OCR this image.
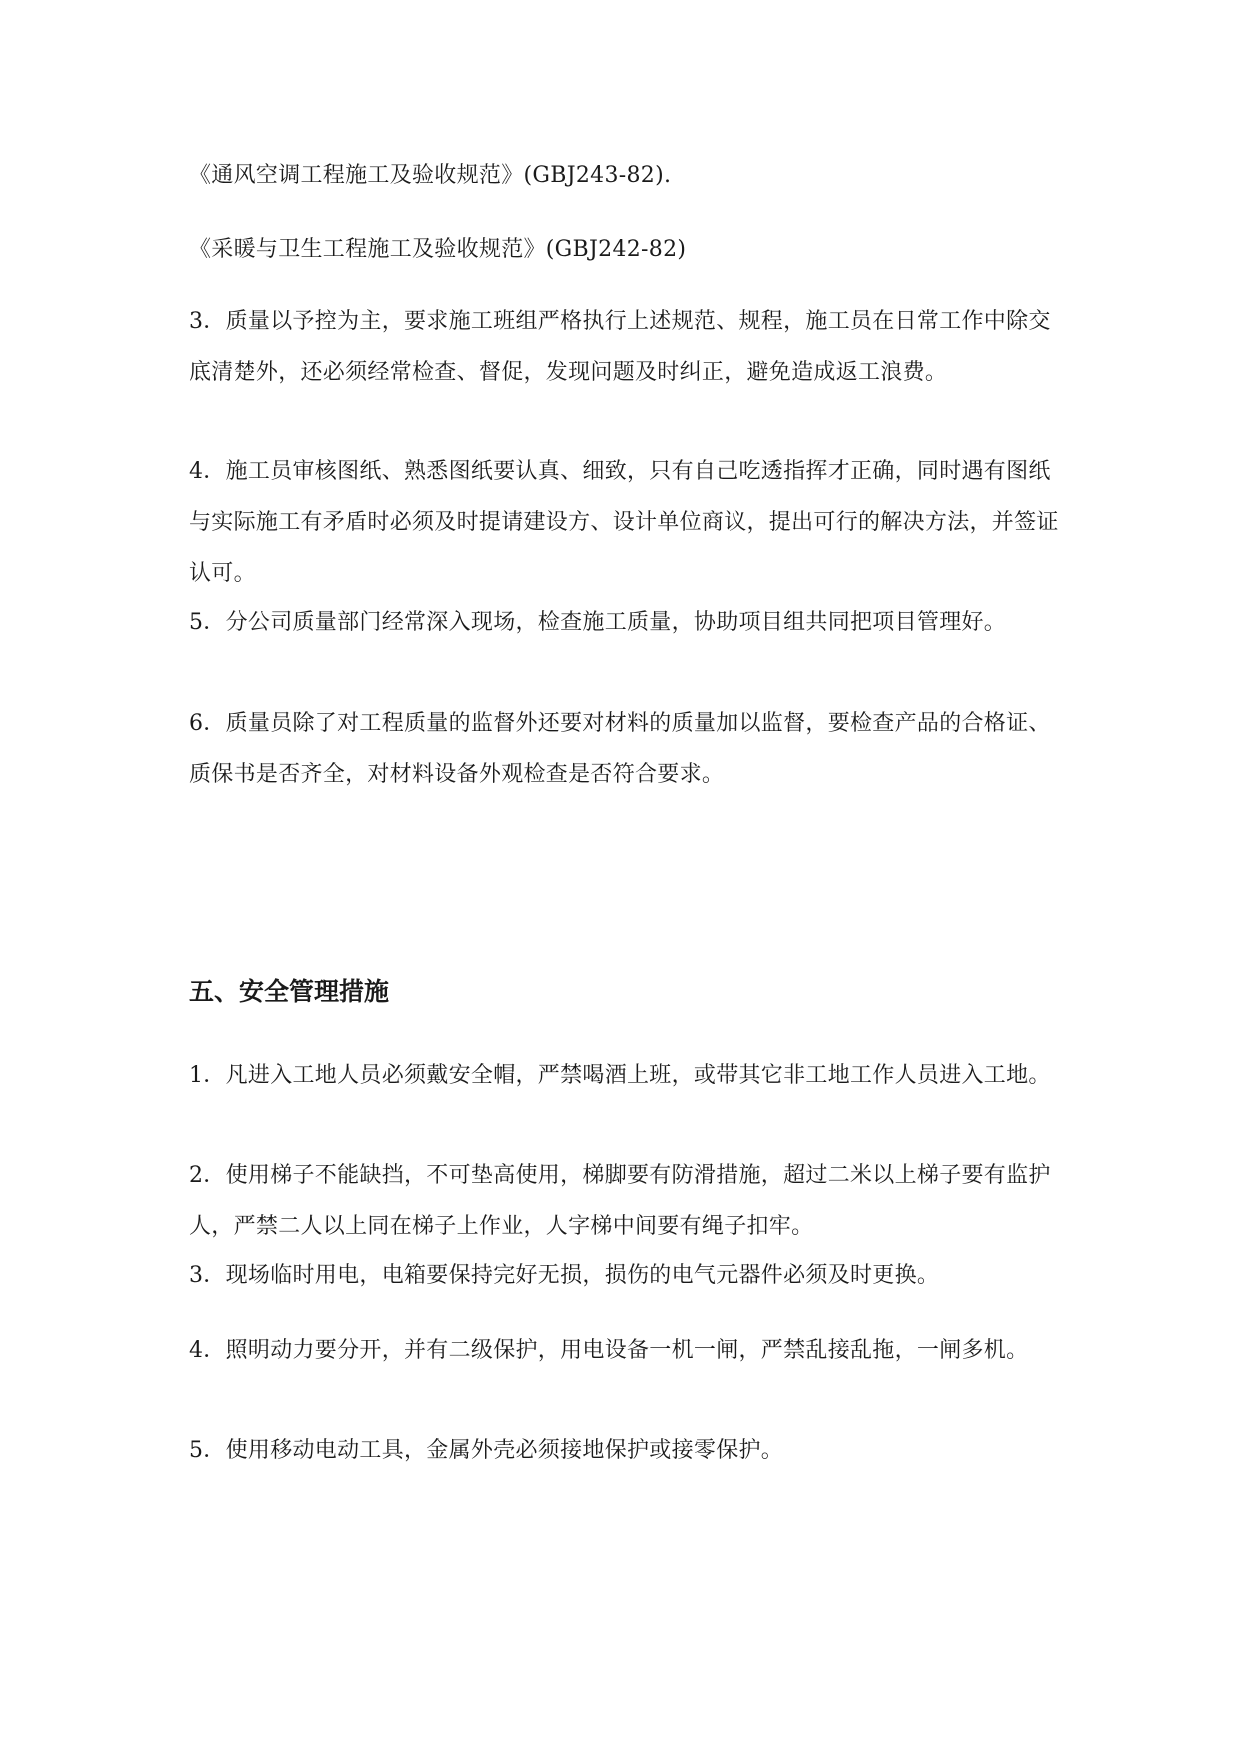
《通风空调工程施工及验收规范》(GBJ243-82).

《采暖与卫生工程施工及验收规范》(GBJ242-82)

3．质量以予控为主，要求施工班组严格执行上述规范、规程，施工员在日常工作中除交底清楚外，还必须经常检查、督促，发现问题及时纠正，避免造成返工浪费。

4．施工员审核图纸、熟悉图纸要认真、细致，只有自己吃透指挥才正确，同时遇有图纸与实际施工有矛盾时必须及时提请建设方、设计单位商议，提出可行的解决方法，并签证认可。

5．分公司质量部门经常深入现场，检查施工质量，协助项目组共同把项目管理好。

6．质量员除了对工程质量的监督外还要对材料的质量加以监督，要检查产品的合格证、质保书是否齐全，对材料设备外观检查是否符合要求。

五、安全管理措施

1．凡进入工地人员必须戴安全帽，严禁喝酒上班，或带其它非工地工作人员进入工地。

2．使用梯子不能缺挡，不可垫高使用，梯脚要有防滑措施，超过二米以上梯子要有监护人，严禁二人以上同在梯子上作业，人字梯中间要有绳子扣牢。

3．现场临时用电，电箱要保持完好无损，损伤的电气元器件必须及时更换。

4．照明动力要分开，并有二级保护，用电设备一机一闸，严禁乱接乱拖，一闸多机。

5．使用移动电动工具，金属外壳必须接地保护或接零保护。
